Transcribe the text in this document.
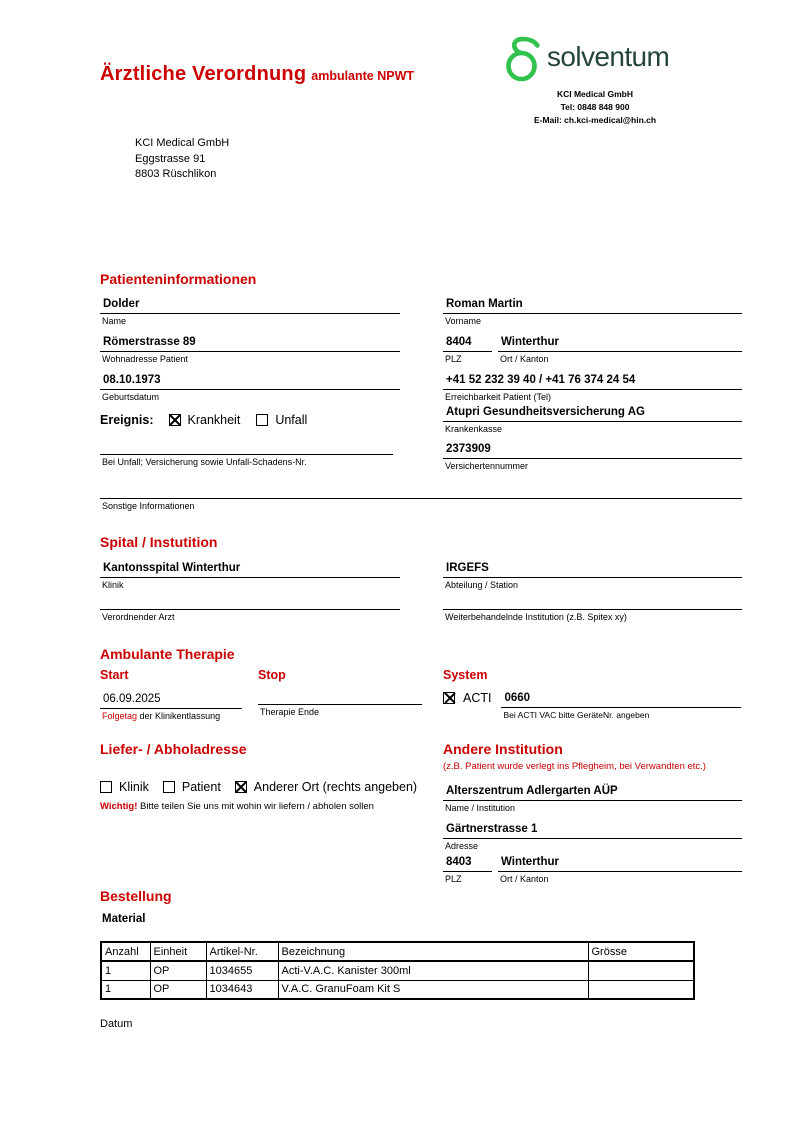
Ärztliche Verordnung ambulante NPWT
solventum
KCI Medical GmbH
Tel: 0848 848 900
E-Mail: ch.kci-medical@hin.ch
KCI Medical GmbH
Eggstrasse 91
8803 Rüschlikon
Patienteninformationen
Dolder
Name
Roman Martin
Vorname
Römerstrasse 89
Wohnadresse Patient
8404
PLZ
Winterthur
Ort / Kanton
08.10.1973
Geburtsdatum
+41 52 232 39 40 / +41 76 374 24 54
Erreichbarkeit Patient (Tel)
Ereignis:	Krankheit	Unfall
Atupri Gesundheitsversicherung AG
Krankenkasse
Bei Unfall; Versicherung sowie Unfall-Schadens-Nr.
2373909
Versichertennummer
Sonstige Informationen
Spital / Instutition
Kantonsspital Winterthur
Klinik
IRGEFS
Abteilung / Station
Verordnender Arzt	Weiterbehandelnde Institution (z.B. Spitex xy)
Ambulante Therapie
Start	Stop	System
06.09.2025
Folgetag der Klinikentlassung	Therapie Ende
ACTI 0660
Bei ACTI VAC bitte GeräteNr. angeben
Liefer- / Abholadresse
Klinik	Patient	Anderer Ort (rechts angeben)
Wichtig! Bitte teilen Sie uns mit wohin wir liefern / abholen sollen
Andere Institution
(z.B. Patient wurde verlegt ins Pflegheim, bei Verwandten etc.)
Alterszentrum Adlergarten AÜP
Name / Institution
Gärtnerstrasse 1
Adresse
8403
PLZ
Winterthur
Ort / Kanton
Bestellung
Material
Anzahl	Einheit	Artikel-Nr.	Bezeichnung	Grösse
1	OP	1034655	Acti-V.A.C. Kanister 300ml	
1	OP	1034643	V.A.C. GranuFoam Kit S	
Datum
